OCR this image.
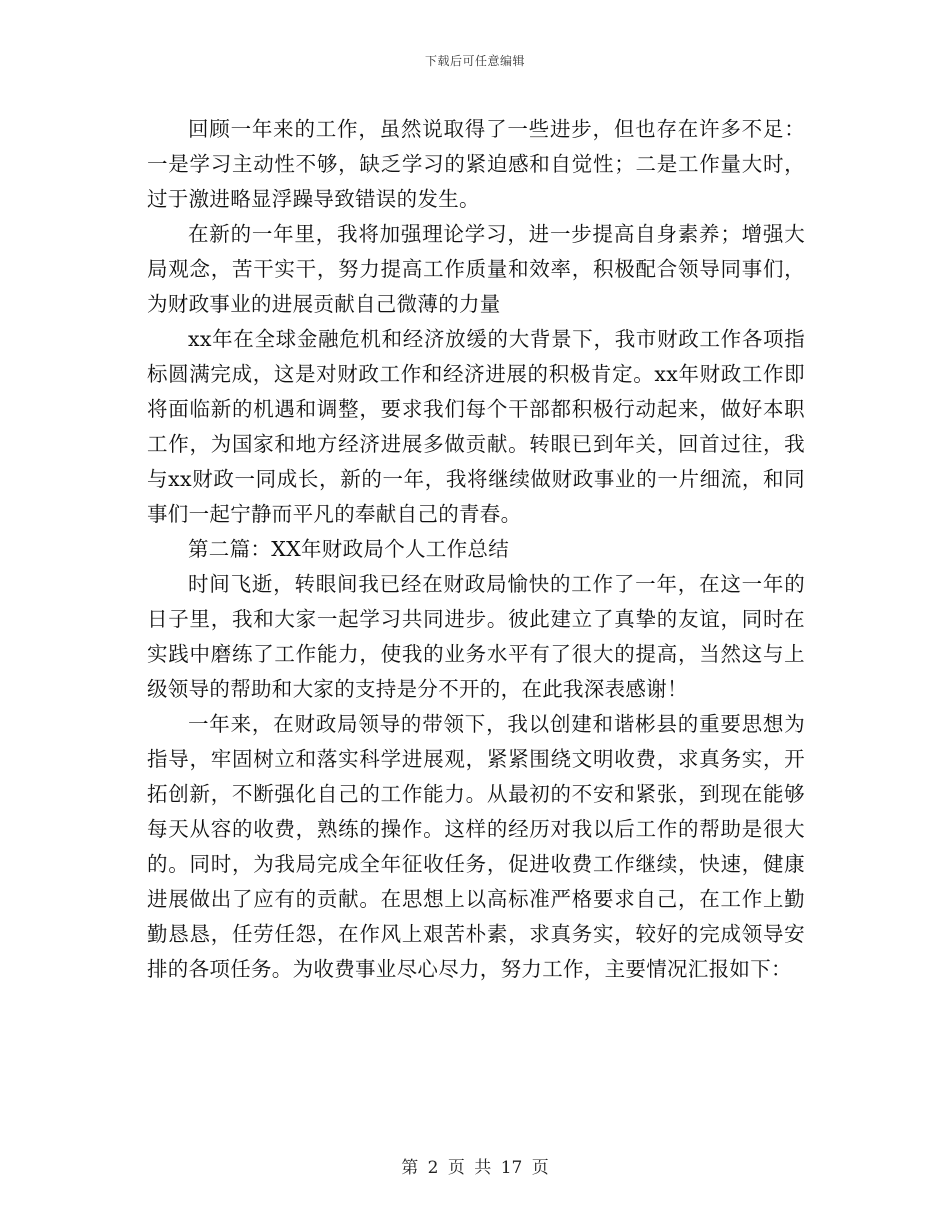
下载后可任意编辑

回顾一年来的工作，虽然说取得了一些进步，但也存在许多不足：一是学习主动性不够，缺乏学习的紧迫感和自觉性；二是工作量大时，过于激进略显浮躁导致错误的发生。

在新的一年里，我将加强理论学习，进一步提高自身素养；增强大局观念，苦干实干，努力提高工作质量和效率，积极配合领导同事们，为财政事业的进展贡献自己微薄的力量

xx年在全球金融危机和经济放缓的大背景下，我市财政工作各项指标圆满完成，这是对财政工作和经济进展的积极肯定。xx年财政工作即将面临新的机遇和调整，要求我们每个干部都积极行动起来，做好本职工作，为国家和地方经济进展多做贡献。转眼已到年关，回首过往，我与xx财政一同成长，新的一年，我将继续做财政事业的一片细流，和同事们一起宁静而平凡的奉献自己的青春。

第二篇：XX年财政局个人工作总结

时间飞逝，转眼间我已经在财政局愉快的工作了一年，在这一年的日子里，我和大家一起学习共同进步。彼此建立了真挚的友谊，同时在实践中磨练了工作能力，使我的业务水平有了很大的提高，当然这与上级领导的帮助和大家的支持是分不开的，在此我深表感谢！

一年来，在财政局领导的带领下，我以创建和谐彬县的重要思想为指导，牢固树立和落实科学进展观，紧紧围绕文明收费，求真务实，开拓创新，不断强化自己的工作能力。从最初的不安和紧张，到现在能够每天从容的收费，熟练的操作。这样的经历对我以后工作的帮助是很大的。同时，为我局完成全年征收任务，促进收费工作继续，快速，健康进展做出了应有的贡献。在思想上以高标准严格要求自己，在工作上勤勤恳恳，任劳任怨，在作风上艰苦朴素，求真务实，较好的完成领导安排的各项任务。为收费事业尽心尽力，努力工作，主要情况汇报如下：

第 2 页 共 17 页
